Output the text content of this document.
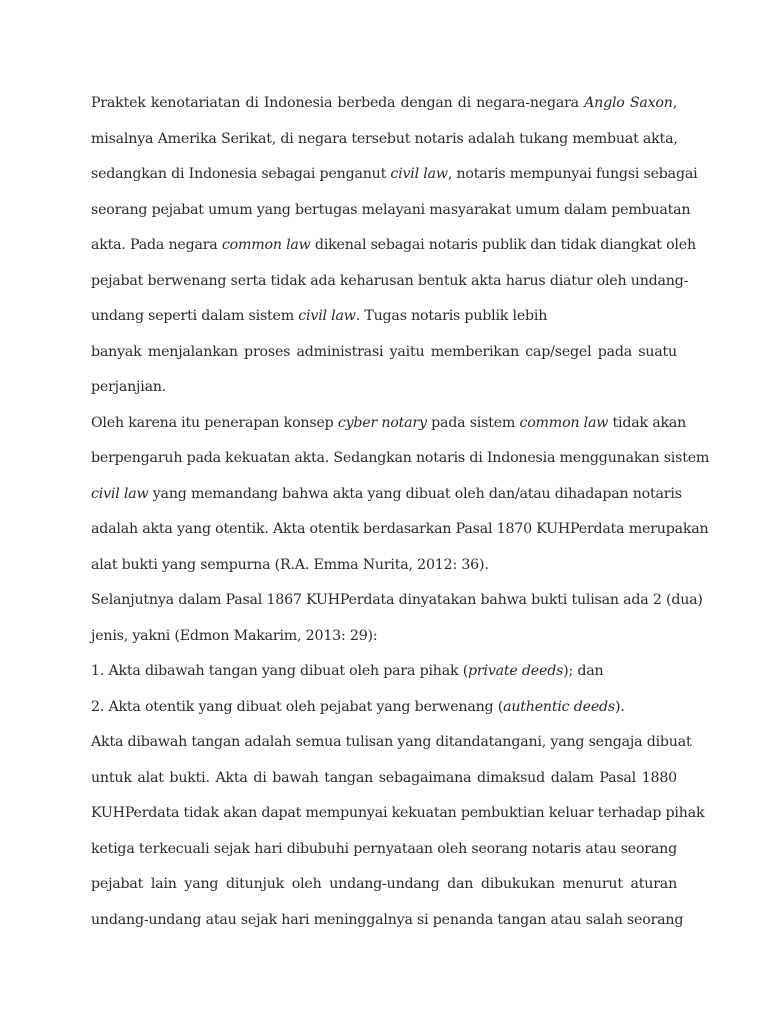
Praktek kenotariatan di Indonesia berbeda dengan di negara-negara Anglo Saxon,
misalnya Amerika Serikat, di negara tersebut notaris adalah tukang membuat akta,
sedangkan di Indonesia sebagai penganut civil law, notaris mempunyai fungsi sebagai
seorang pejabat umum yang bertugas melayani masyarakat umum dalam pembuatan
akta. Pada negara common law dikenal sebagai notaris publik dan tidak diangkat oleh
pejabat berwenang serta tidak ada keharusan bentuk akta harus diatur oleh undang-
undang seperti dalam sistem civil law. Tugas notaris publik lebih
banyak menjalankan proses administrasi yaitu memberikan cap/segel pada suatu
perjanjian.
Oleh karena itu penerapan konsep cyber notary pada sistem common law tidak akan
berpengaruh pada kekuatan akta. Sedangkan notaris di Indonesia menggunakan sistem
civil law yang memandang bahwa akta yang dibuat oleh dan/atau dihadapan notaris
adalah akta yang otentik. Akta otentik berdasarkan Pasal 1870 KUHPerdata merupakan
alat bukti yang sempurna (R.A. Emma Nurita, 2012: 36).
Selanjutnya dalam Pasal 1867 KUHPerdata dinyatakan bahwa bukti tulisan ada 2 (dua)
jenis, yakni (Edmon Makarim, 2013: 29):
1. Akta dibawah tangan yang dibuat oleh para pihak (private deeds); dan
2. Akta otentik yang dibuat oleh pejabat yang berwenang (authentic deeds).
Akta dibawah tangan adalah semua tulisan yang ditandatangani, yang sengaja dibuat
untuk alat bukti. Akta di bawah tangan sebagaimana dimaksud dalam Pasal 1880
KUHPerdata tidak akan dapat mempunyai kekuatan pembuktian keluar terhadap pihak
ketiga terkecuali sejak hari dibubuhi pernyataan oleh seorang notaris atau seorang
pejabat lain yang ditunjuk oleh undang-undang dan dibukukan menurut aturan
undang-undang atau sejak hari meninggalnya si penanda tangan atau salah seorang
